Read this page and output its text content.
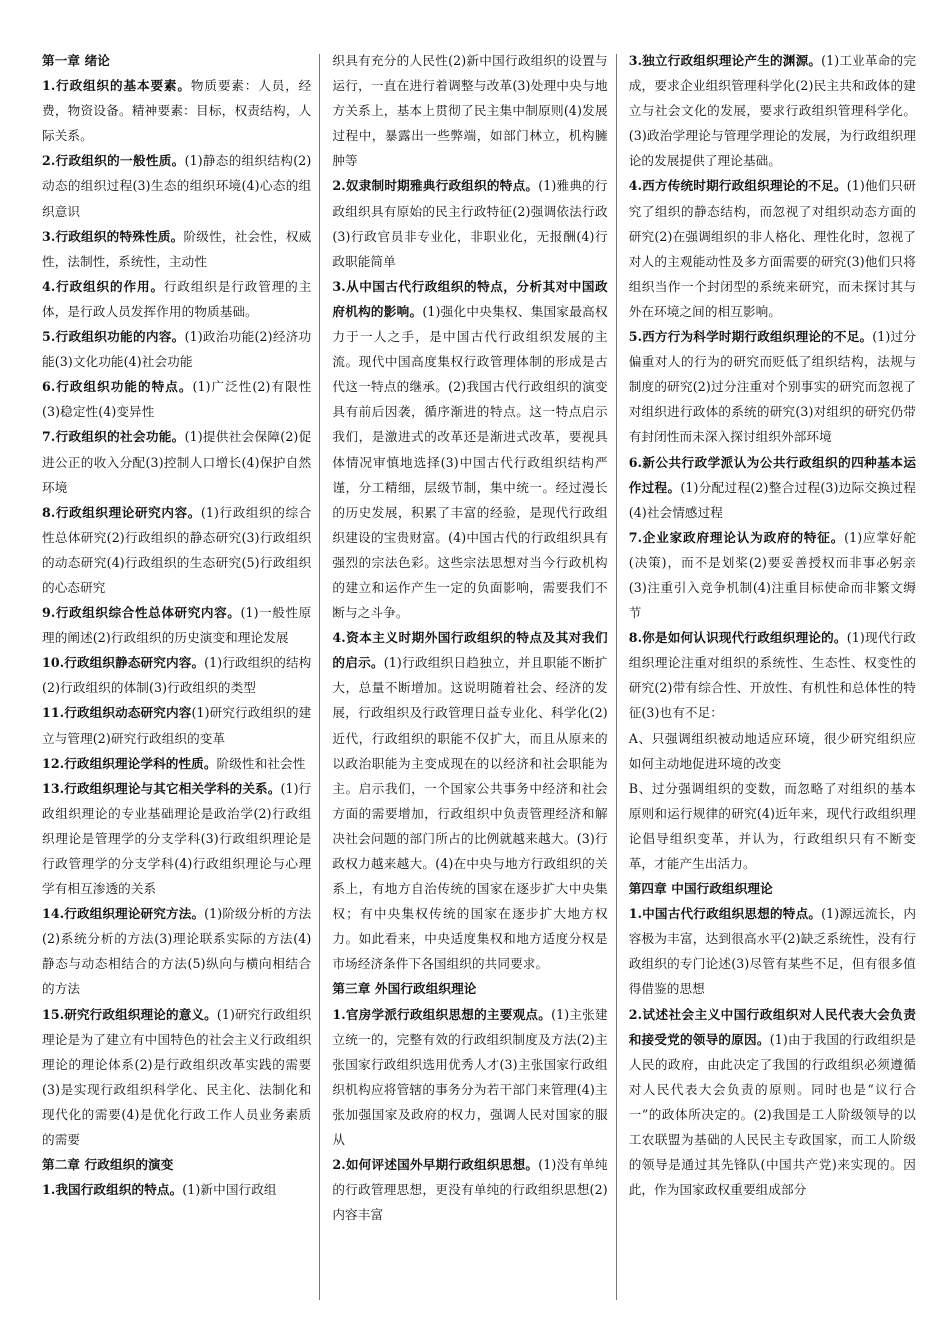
第一章 绪论

1.行政组织的基本要素。物质要素：人员，经费，物资设备。精神要素：目标，权责结构，人际关系。

2.行政组织的一般性质。(1)静态的组织结构(2)动态的组织过程(3)生态的组织环境(4)心态的组织意识

3.行政组织的特殊性质。阶级性，社会性，权威性，法制性，系统性，主动性

4.行政组织的作用。行政组织是行政管理的主体，是行政人员发挥作用的物质基础。

5.行政组织功能的内容。(1)政治功能(2)经济功能(3)文化功能(4)社会功能

6.行政组织功能的特点。(1)广泛性(2)有限性(3)稳定性(4)变异性

7.行政组织的社会功能。(1)提供社会保障(2)促进公正的收入分配(3)控制人口增长(4)保护自然环境

8.行政组织理论研究内容。(1)行政组织的综合性总体研究(2)行政组织的静态研究(3)行政组织的动态研究(4)行政组织的生态研究(5)行政组织的心态研究

9.行政组织综合性总体研究内容。(1)一般性原理的阐述(2)行政组织的历史演变和理论发展

10.行政组织静态研究内容。(1)行政组织的结构(2)行政组织的体制(3)行政组织的类型

11.行政组织动态研究内容(1)研究行政组织的建立与管理(2)研究行政组织的变革

12.行政组织理论学科的性质。阶级性和社会性

13.行政组织理论与其它相关学科的关系。(1)行政组织理论的专业基础理论是政治学(2)行政组织理论是管理学的分支学科(3)行政组织理论是行政管理学的分支学科(4)行政组织理论与心理学有相互渗透的关系

14.行政组织理论研究方法。(1)阶级分析的方法(2)系统分析的方法(3)理论联系实际的方法(4)静态与动态相结合的方法(5)纵向与横向相结合的方法

15.研究行政组织理论的意义。(1)研究行政组织理论是为了建立有中国特色的社会主义行政组织理论的理论体系(2)是行政组织改革实践的需要(3)是实现行政组织科学化、民主化、法制化和现代化的需要(4)是优化行政工作人员业务素质的需要

第二章 行政组织的演变

1.我国行政组织的特点。(1)新中国行政组

织具有充分的人民性(2)新中国行政组织的设置与运行，一直在进行着调整与改革(3)处理中央与地方关系上，基本上贯彻了民主集中制原则(4)发展过程中，暴露出一些弊端，如部门林立，机构臃肿等

2.奴隶制时期雅典行政组织的特点。(1)雅典的行政组织具有原始的民主行政特征(2)强调依法行政(3)行政官员非专业化，非职业化，无报酬(4)行政职能简单

3.从中国古代行政组织的特点，分析其对中国政府机构的影响。(1)强化中央集权、集国家最高权力于一人之手，是中国古代行政组织发展的主流。现代中国高度集权行政管理体制的形成是古代这一特点的继承。(2)我国古代行政组织的演变具有前后因袭，循序渐进的特点。这一特点启示我们，是激进式的改革还是渐进式改革，要视具体情况审慎地选择(3)中国古代行政组织结构严谨，分工精细，层级节制，集中统一。经过漫长的历史发展，积累了丰富的经验，是现代行政组织建设的宝贵财富。(4)中国古代的行政组织具有强烈的宗法色彩。这些宗法思想对当今行政机构的建立和运作产生一定的负面影响，需要我们不断与之斗争。

4.资本主义时期外国行政组织的特点及其对我们的启示。(1)行政组织日趋独立，并且职能不断扩大，总量不断增加。这说明随着社会、经济的发展，行政组织及行政管理日益专业化、科学化(2)近代，行政组织的职能不仅扩大，而且从原来的以政治职能为主变成现在的以经济和社会职能为主。启示我们，一个国家公共事务中经济和社会方面的需要增加，行政组织中负责管理经济和解决社会问题的部门所占的比例就越来越大。(3)行政权力越来越大。(4)在中央与地方行政组织的关系上，有地方自治传统的国家在逐步扩大中央集权；有中央集权传统的国家在逐步扩大地方权力。如此看来，中央适度集权和地方适度分权是市场经济条件下各国组织的共同要求。

第三章 外国行政组织理论

1.官房学派行政组织思想的主要观点。(1)主张建立统一的，完整有效的行政组织制度及方法(2)主张国家行政组织选用优秀人才(3)主张国家行政组织机构应将管辖的事务分为若干部门来管理(4)主张加强国家及政府的权力，强调人民对国家的服从

2.如何评述国外早期行政组织思想。(1)没有单纯的行政管理思想，更没有单纯的行政组织思想(2)内容丰富

3.独立行政组织理论产生的渊源。(1)工业革命的完成，要求企业组织管理科学化(2)民主共和政体的建立与社会文化的发展，要求行政组织管理科学化。(3)政治学理论与管理学理论的发展，为行政组织理论的发展提供了理论基础。

4.西方传统时期行政组织理论的不足。(1)他们只研究了组织的静态结构，而忽视了对组织动态方面的研究(2)在强调组织的非人格化、理性化时，忽视了对人的主观能动性及多方面需要的研究(3)他们只将组织当作一个封闭型的系统来研究，而未探讨其与外在环境之间的相互影响。

5.西方行为科学时期行政组织理论的不足。(1)过分偏重对人的行为的研究而贬低了组织结构，法规与制度的研究(2)过分注重对个别事实的研究而忽视了对组织进行政体的系统的研究(3)对组织的研究仍带有封闭性而未深入探讨组织外部环境

6.新公共行政学派认为公共行政组织的四种基本运作过程。(1)分配过程(2)整合过程(3)边际交换过程(4)社会情感过程

7.企业家政府理论认为政府的特征。(1)应掌好舵(决策)，而不是划桨(2)要妥善授权而非事必躬亲(3)注重引入竞争机制(4)注重目标使命而非繁文缛节

8.你是如何认识现代行政组织理论的。(1)现代行政组织理论注重对组织的系统性、生态性、权变性的研究(2)带有综合性、开放性、有机性和总体性的特征(3)也有不足：

A、只强调组织被动地适应环境，很少研究组织应如何主动地促进环境的改变

B、过分强调组织的变数，而忽略了对组织的基本原则和运行规律的研究(4)近年来，现代行政组织理论倡导组织变革，并认为，行政组织只有不断变革，才能产生出活力。

第四章 中国行政组织理论

1.中国古代行政组织思想的特点。(1)源远流长，内容极为丰富，达到很高水平(2)缺乏系统性，没有行政组织的专门论述(3)尽管有某些不足，但有很多值得借鉴的思想

2.试述社会主义中国行政组织对人民代表大会负责和接受党的领导的原因。(1)由于我国的行政组织是人民的政府，由此决定了我国的行政组织必须遵循对人民代表大会负责的原则。同时也是“议行合一”的政体所决定的。(2)我国是工人阶级领导的以工农联盟为基础的人民民主专政国家，而工人阶级的领导是通过其先锋队(中国共产党)来实现的。因此，作为国家政权重要组成部分
